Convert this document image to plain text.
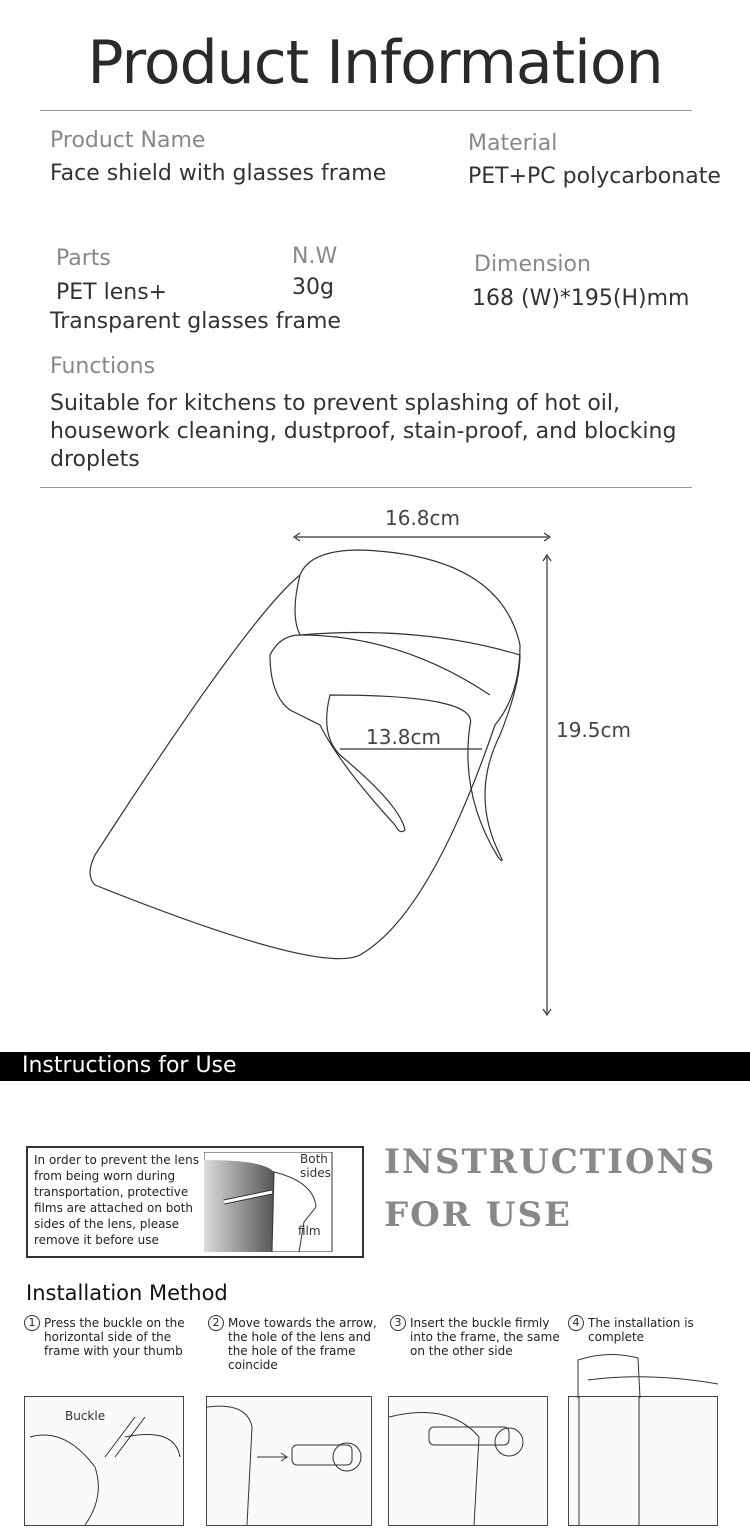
Product Information
Product Name
Face shield with glasses frame
Material
PET+PC polycarbonate
Parts
PET lens+
Transparent glasses frame
N.W
30g
Dimension
168 (W)*195(H)mm
Functions
Suitable for kitchens to prevent splashing of hot oil, housework cleaning, dustproof, stain-proof, and blocking droplets
16.8cm
19.5cm
13.8cm
Instructions for Use

In order to prevent the lens from being worn during transportation, protective films are attached on both sides of the lens, please remove it before use

Both sides
film
INSTRUCTIONS
FOR USE
Installation Method
1 Press the buckle on the horizontal side of the frame with your thumb
2 Move towards the arrow, the hole of the lens and the hole of the frame coincide
3 Insert the buckle firmly into the frame, the same on the other side
4 The installation is complete
Buckle
